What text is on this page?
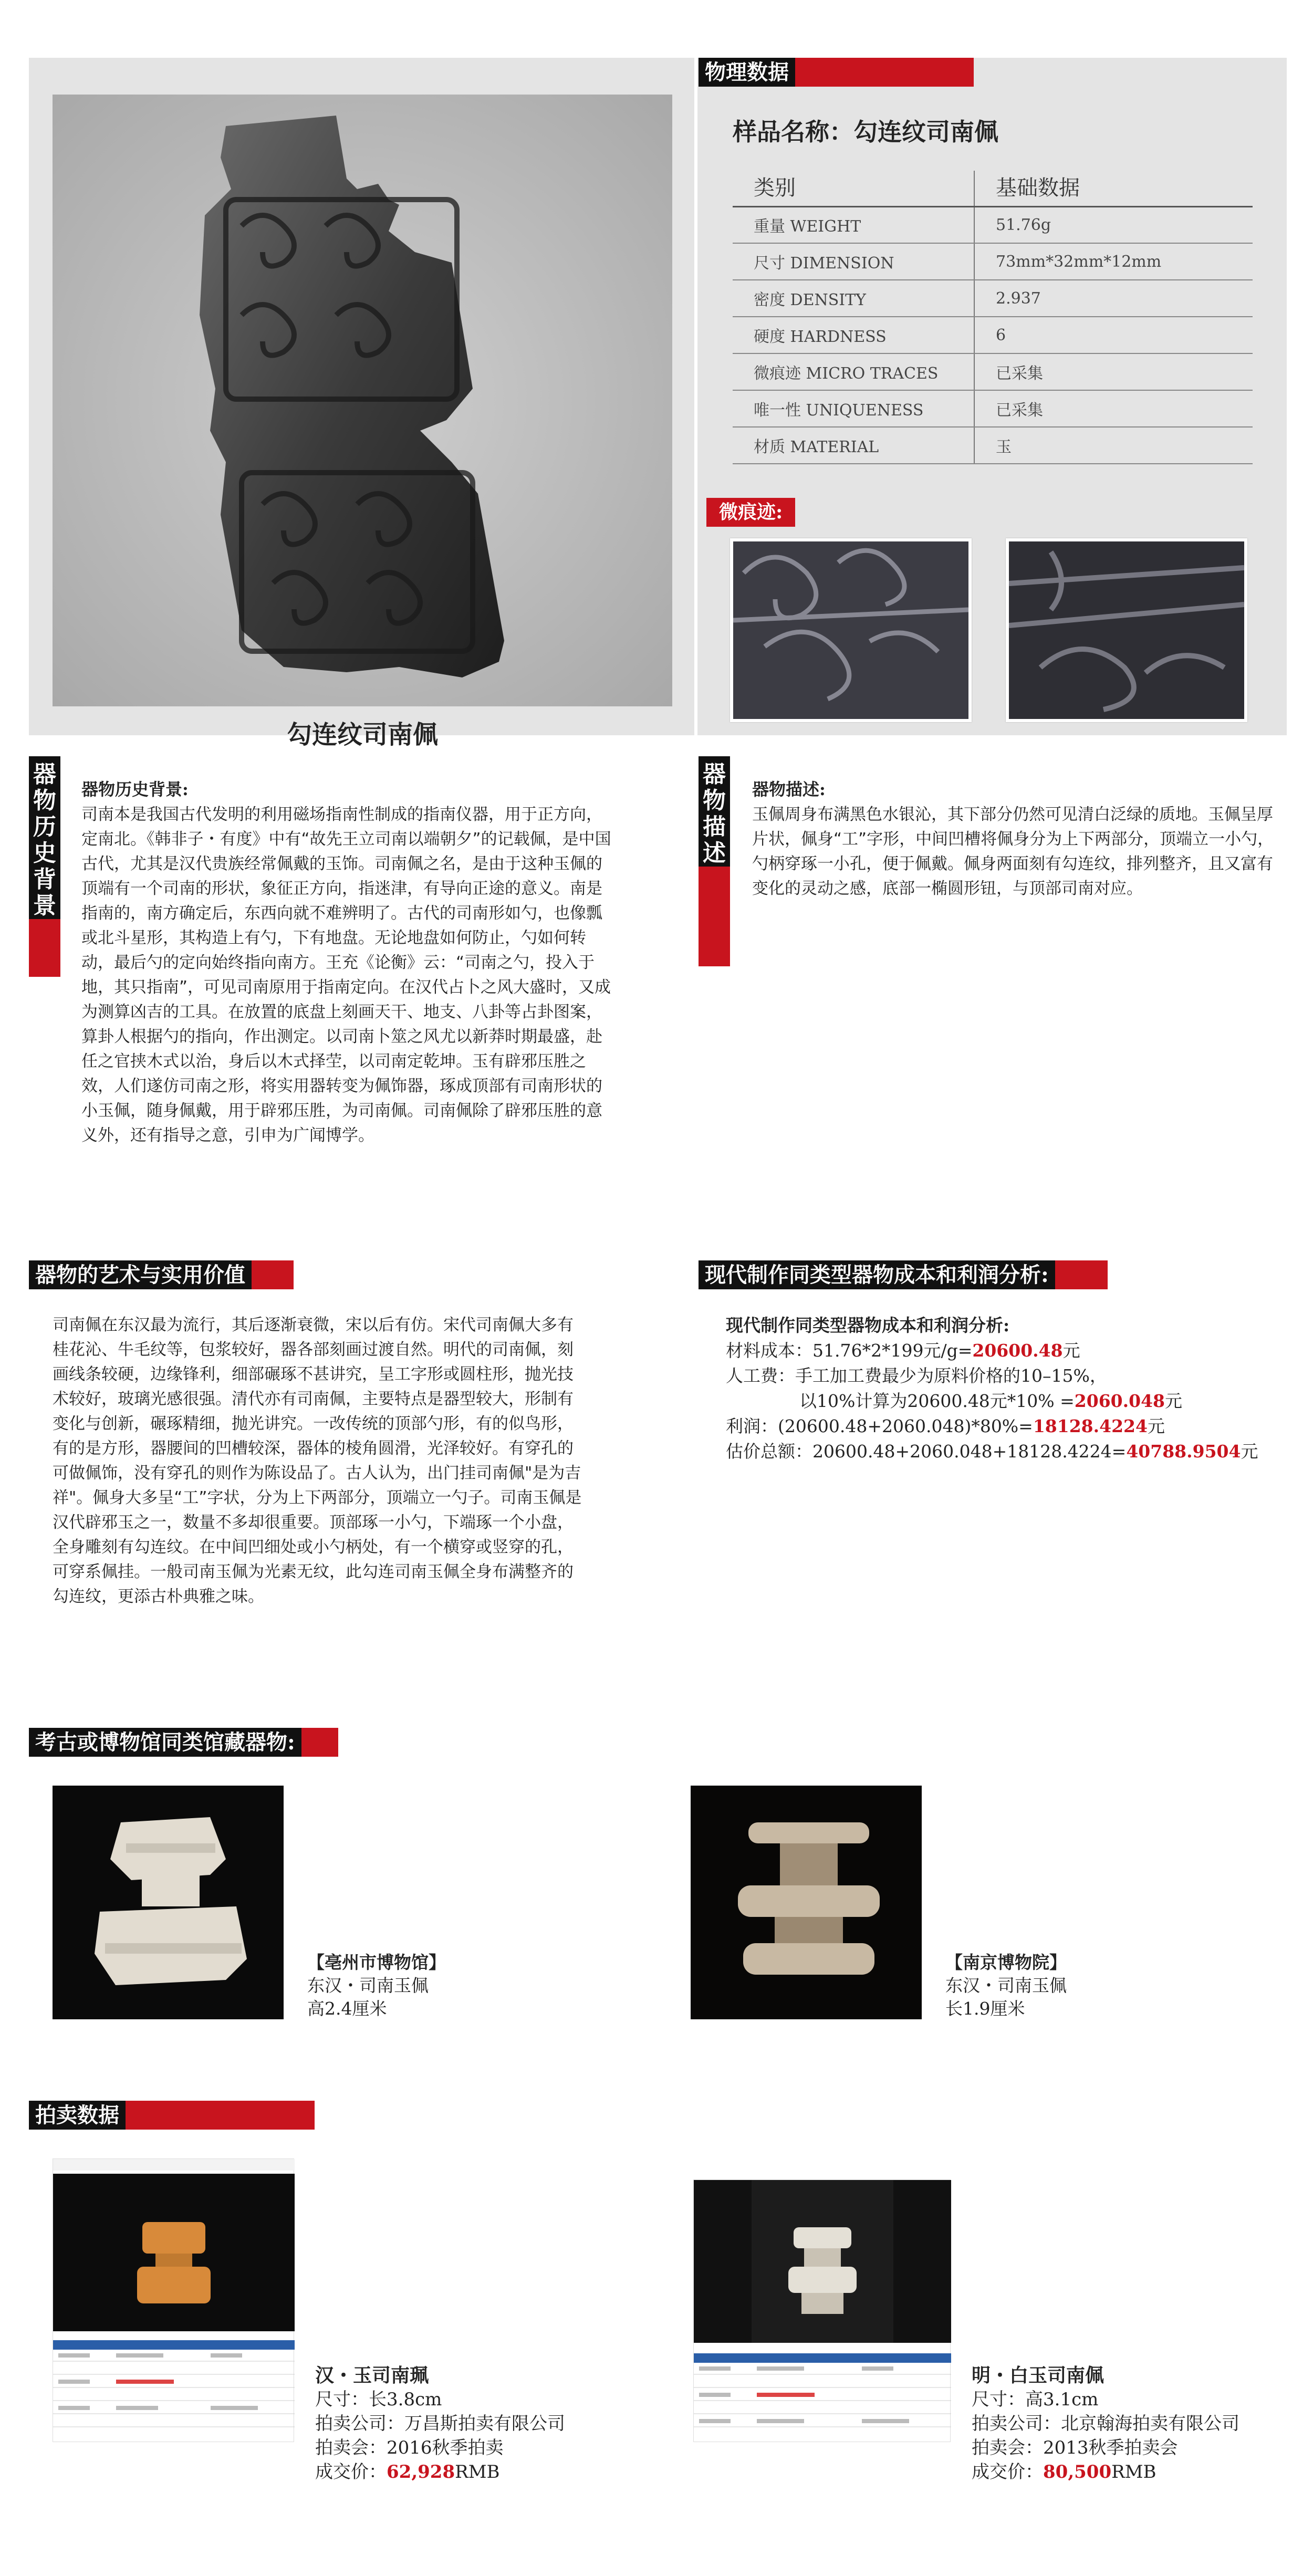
勾连纹司南佩
物理数据
样品名称：勾连纹司南佩
类别	基础数据
重量 WEIGHT	51.76g
尺寸 DIMENSION	73mm*32mm*12mm
密度 DENSITY	2.937
硬度 HARDNESS	6
微痕迹 MICRO TRACES	已采集
唯一性 UNIQUENESS	已采集
材质 MATERIAL	玉
微痕迹:
器
物
历
史
背
景
器物历史背景:
司南本是我国古代发明的利用磁场指南性制成的指南仪器，用于正方向，定南北。《韩非子・有度》中有“故先王立司南以端朝夕”的记载佩，是中国古代，尤其是汉代贵族经常佩戴的玉饰。司南佩之名，是由于这种玉佩的顶端有一个司南的形状，象征正方向，指迷津，有导向正途的意义。南是指南的，南方确定后，东西向就不难辨明了。古代的司南形如勺，也像瓢或北斗星形，其构造上有勺，下有地盘。无论地盘如何防止，勺如何转动，最后勺的定向始终指向南方。王充《论衡》云：“司南之勺，投入于地，其只指南”，可见司南原用于指南定向。在汉代占卜之风大盛时，又成为测算凶吉的工具。在放置的底盘上刻画天干、地支、八卦等占卦图案，算卦人根据勺的指向，作出测定。以司南卜筮之风尤以新莽时期最盛，赴任之官挟木式以治，身后以木式择茔，以司南定乾坤。玉有辟邪压胜之效，人们遂仿司南之形，将实用器转变为佩饰器，琢成顶部有司南形状的小玉佩，随身佩戴，用于辟邪压胜，为司南佩。司南佩除了辟邪压胜的意义外，还有指导之意，引申为广闻博学。
器
物
描
述
器物描述:
玉佩周身布满黑色水银沁，其下部分仍然可见清白泛绿的质地。玉佩呈厚片状，佩身“工”字形，中间凹槽将佩身分为上下两部分，顶端立一小勺，勺柄穿琢一小孔，便于佩戴。佩身两面刻有勾连纹，排列整齐，且又富有变化的灵动之感，底部一椭圆形钮，与顶部司南对应。
器物的艺术与实用价值
司南佩在东汉最为流行，其后逐渐衰微，宋以后有仿。宋代司南佩大多有桂花沁、牛毛纹等，包浆较好，器各部刻画过渡自然。明代的司南佩，刻画线条较硬，边缘锋利，细部碾琢不甚讲究，呈工字形或圆柱形，抛光技术较好，玻璃光感很强。清代亦有司南佩，主要特点是器型较大，形制有变化与创新，碾琢精细，抛光讲究。一改传统的顶部勺形，有的似鸟形，有的是方形，器腰间的凹槽较深，器体的棱角圆滑，光泽较好。有穿孔的可做佩饰，没有穿孔的则作为陈设品了。古人认为，出门挂司南佩"是为吉祥"。佩身大多呈“工”字状，分为上下两部分，顶端立一勺子。司南玉佩是汉代辟邪玉之一，数量不多却很重要。顶部琢一小勺，下端琢一个小盘，全身雕刻有勾连纹。在中间凹细处或小勺柄处，有一个横穿或竖穿的孔，可穿系佩挂。一般司南玉佩为光素无纹，此勾连司南玉佩全身布满整齐的勾连纹，更添古朴典雅之味。
现代制作同类型器物成本和利润分析:
现代制作同类型器物成本和利润分析:
材料成本：51.76*2*199元/g=20600.48元
人工费：手工加工费最少为原料价格的10–15%，
以10%计算为20600.48元*10% =2060.048元
利润：(20600.48+2060.048)*80%=18128.4224元
估价总额：20600.48+2060.048+18128.4224=40788.9504元
考古或博物馆同类馆藏器物:
【亳州市博物馆】
东汉・司南玉佩
高2.4厘米
【南京博物院】
东汉・司南玉佩
长1.9厘米
拍卖数据
汉・玉司南珮
尺寸：长3.8cm
拍卖公司：万昌斯拍卖有限公司
拍卖会：2016秋季拍卖
成交价：62,928RMB
明・白玉司南佩
尺寸：高3.1cm
拍卖公司：北京翰海拍卖有限公司
拍卖会：2013秋季拍卖会
成交价：80,500RMB
